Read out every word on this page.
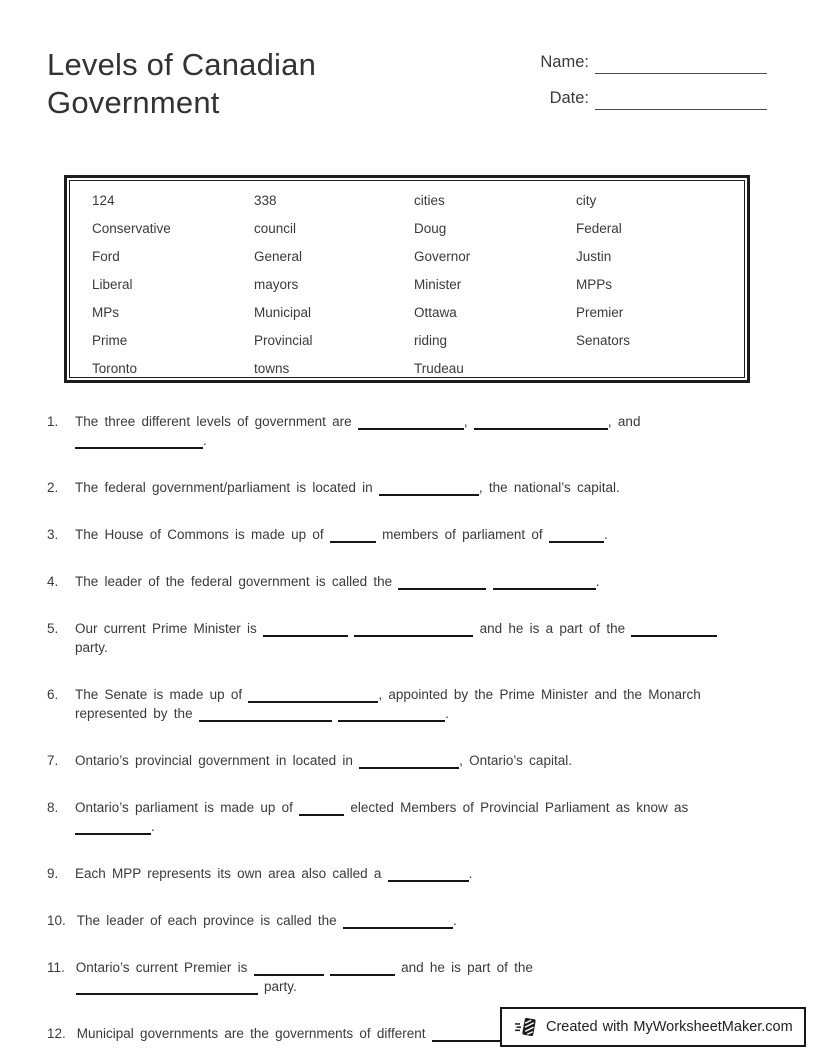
Levels of Canadian
Government
Name:
Date:
124	338	cities	city
Conservative	council	Doug	Federal
Ford	General	Governor	Justin
Liberal	mayors	Minister	MPPs
MPs	Municipal	Ottawa	Premier
Prime	Provincial	riding	Senators
Toronto	towns	Trudeau
1.	The three different levels of government are	,	, and
.
2.	The federal government/parliament is located in	, the national’s capital.
3.	The House of Commons is made up of	members of parliament of	.
4.	The leader of the federal government is called the	.
5.	Our current Prime Minister is	and he is a part of the
party.
6.	The Senate is made up of	, appointed by the Prime Minister and the Monarch
represented by the	.
7.	Ontario’s provincial government in located in	, Ontario’s capital.
8.	Ontario’s parliament is made up of	elected Members of Provincial Parliament as know as
.
9.	Each MPP represents its own area also called a	.
10. The leader of each province is called the	.
11. Ontario’s current Premier is	and he is part of the
party.
12. Municipal governments are the governments of different	Created with MyWorksheetMaker.com
